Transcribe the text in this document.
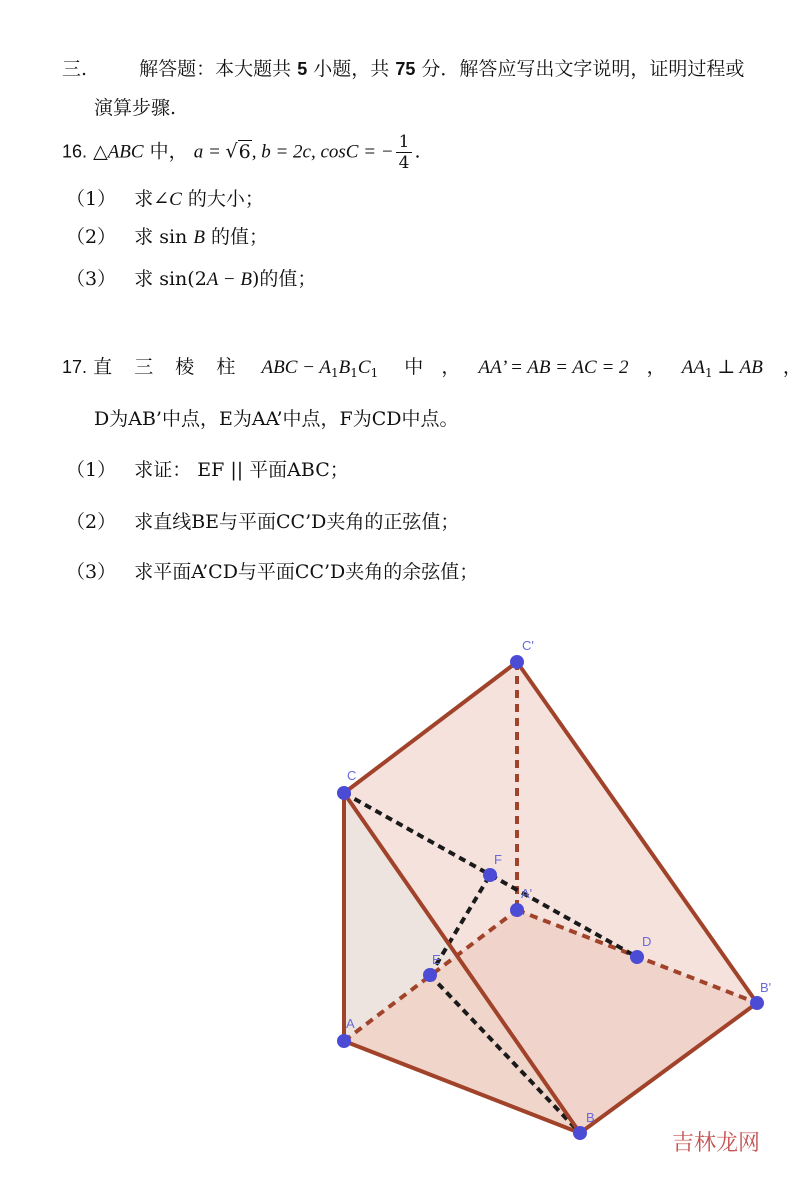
三.	解答题：本大题共 5 小题，共 75 分．解答应写出文字说明，证明过程或
演算步骤.
16. △ABC 中， a = √6, b = 2c, cosC = − $\frac{1}{4}$ .
（1） 求∠C 的大小；
（2） 求 sin B 的值；
（3） 求 sin(2A − B)的值；
17. 直 三 棱 柱 ABC − $A_1B_1C_1$ 中 ， AA’ = AB = AC = 2 ， $AA_1$ ⊥ AB ，
D为AB’中点，E为AA’中点，F为CD中点。
（1） 求证： EF || 平面ABC；
（2） 求直线BE与平面CC’D夹角的正弦值；
（3） 求平面A’CD与平面CC’D夹角的余弦值；
C'
C
F
A'
D
E
B'
A
B
吉林龙网
